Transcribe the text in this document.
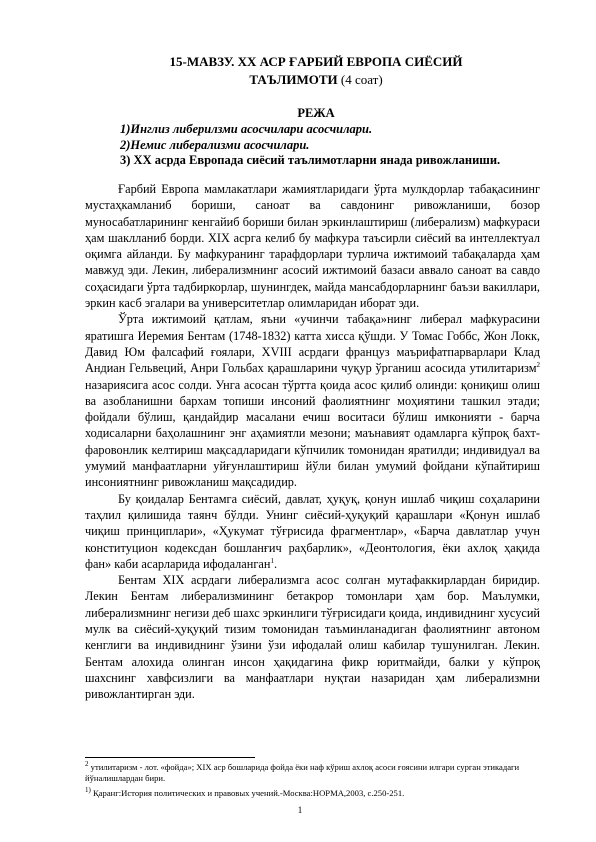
15-МАВЗУ. XX АСР ҒАРБИЙ ЕВРОПА СИЁСИЙ
ТАЪЛИМОТИ (4 соат)
РЕЖА
1)Инглиз либерилзми асосчилари асосчилари.
2)Немис либерализми асосчилари.
3) XX асрда Европада сиёсий таълимотларни янада ривожланиши.

Ғарбий Европа мамлакатлари жамиятларидаги ўрта мулкдорлар табақасининг мустаҳкамланиб бориши, саноат ва савдонинг ривожланиши, бозор муносабатларининг кенгайиб бориши билан эркинлаштириш (либерализм) мафкураси ҳам шаклланиб борди. XIX асрга келиб бу мафкура таъсирли сиёсий ва интеллектуал оқимга айланди. Бу мафкуранинг тарафдорлари турлича ижтимоий табақаларда ҳам мавжуд эди. Лекин, либерализмнинг асосий ижтимоий базаси аввало саноат ва савдо соҳасидаги ўрта тадбиркорлар, шунингдек, майда мансабдорларнинг баъзи вакиллари, эркин касб эгалари ва университетлар олимларидан иборат эди.

Ўрта ижтимоий қатлам, яъни «учинчи табақа»нинг либерал мафкурасини яратишга Иеремия Бентам (1748-1832) катта хисса қўшди. У Томас Гоббс, Жон Локк, Давид Юм фалсафий ғоялари, XVIII асрдаги француз маърифатпарварлари Клад Андиан Гельвеций, Анри Гольбах қарашларини чуқур ўрганиш асосида утилитаризм$^2$ назариясига асос солди. Унга асосан тўртта қоида асос қилиб олинди: қониқиш олиш ва азобланишни бархам топиши инсоний фаолиятнинг моҳиятини ташкил этади; фойдали бўлиш, қандайдир масалани ечиш воситаси бўлиш имконияти - барча ходисаларни баҳолашнинг энг аҳамиятли мезони; маънавият одамларга кўпроқ бахт-фаровонлик келтириш мақсадларидаги кўпчилик томонидан яратилди; индивидуал ва умумий манфаатларни уйғунлаштириш йўли билан умумий фойдани кўпайтириш инсониятнинг ривожланиш мақсадидир.

Бу қоидалар Бентамга сиёсий, давлат, ҳуқуқ, қонун ишлаб чиқиш соҳаларини таҳлил қилишида таянч бўлди. Унинг сиёсий-ҳуқуқий қарашлари «Қонун ишлаб чиқиш принциплари», «Ҳукумат тўғрисида фрагментлар», «Барча давлатлар учун конституцион кодексдан бошланғич раҳбарлик», «Деонтология, ёки ахлоқ ҳақида фан» каби асарларида ифодаланган$^1$.

Бентам XIX асрдаги либерализмга асос солган мутафаккирлардан биридир. Лекин Бентам либерализмининг бетакрор томонлари ҳам бор. Маълумки, либерализмнинг негизи деб шахс эркинлиги тўғрисидаги қоида, индивиднинг хусусий мулк ва сиёсий-ҳуқуқий тизим томонидан таъминланадиган фаолиятнинг автоном кенглиги ва индивиднинг ўзини ўзи ифодалай олиш кабилар тушунилган. Лекин. Бентам алохида олинган инсон ҳақидагина фикр юритмайди, балки у кўпроқ шахснинг хавфсизлиги ва манфаатлари нуқтаи назаридан ҳам либерализмни ривожлантирган эди.

$^2$ утилитаризм - лот. «фойда»; XIX аср бошларида фойда ёки наф кўриш ахлоқ асоси ғоясини илгари сурган этикадаги йўналишлардан бири.
$^{1)}$ Қаранг:История политических и правовых учений.-Москва:НОРМА,2003, с.250-251.
1
